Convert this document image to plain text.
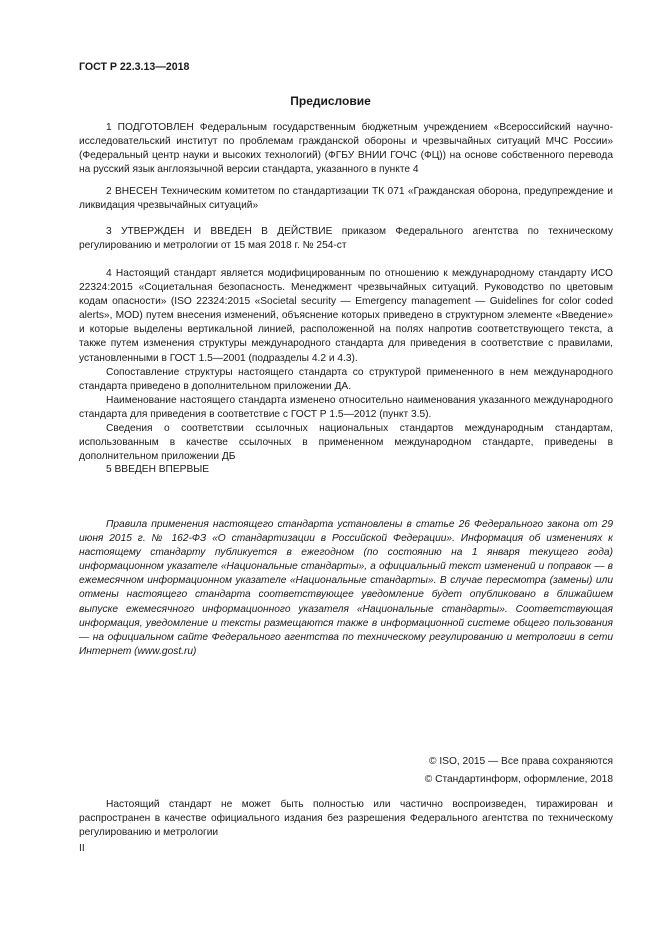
ГОСТ Р 22.3.13—2018
Предисловие

1 ПОДГОТОВЛЕН Федеральным государственным бюджетным учреждением «Всероссийский научно-исследовательский институт по проблемам гражданской обороны и чрезвычайных ситуаций МЧС России» (Федеральный центр науки и высоких технологий) (ФГБУ ВНИИ ГОЧС (ФЦ)) на основе собственного перевода на русский язык англоязычной версии стандарта, указанного в пункте 4

2 ВНЕСЕН Техническим комитетом по стандартизации ТК 071 «Гражданская оборона, предупреждение и ликвидация чрезвычайных ситуаций»

3 УТВЕРЖДЕН И ВВЕДЕН В ДЕЙСТВИЕ приказом Федерального агентства по техническому регулированию и метрологии от 15 мая 2018 г. № 254-ст

4 Настоящий стандарт является модифицированным по отношению к международному стандарту ИСО 22324:2015 «Социетальная безопасность. Менеджмент чрезвычайных ситуаций. Руководство по цветовым кодам опасности» (ISO 22324:2015 «Societal security — Emergency management — Guidelines for color coded alerts», MOD) путем внесения изменений, объяснение которых приведено в структурном элементе «Введение» и которые выделены вертикальной линией, расположенной на полях напротив соответствующего текста, а также путем изменения структуры международного стандарта для приведения в соответствие с правилами, установленными в ГОСТ 1.5—2001 (подразделы 4.2 и 4.3).

Сопоставление структуры настоящего стандарта со структурой примененного в нем международного стандарта приведено в дополнительном приложении ДА.

Наименование настоящего стандарта изменено относительно наименования указанного международного стандарта для приведения в соответствие с ГОСТ Р 1.5—2012 (пункт 3.5).

Сведения о соответствии ссылочных национальных стандартов международным стандартам, использованным в качестве ссылочных в примененном международном стандарте, приведены в дополнительном приложении ДБ

5 ВВЕДЕН ВПЕРВЫЕ

Правила применения настоящего стандарта установлены в статье 26 Федерального закона от 29 июня 2015 г. № 162-ФЗ «О стандартизации в Российской Федерации». Информация об изменениях к настоящему стандарту публикуется в ежегодном (по состоянию на 1 января текущего года) информационном указателе «Национальные стандарты», а официальный текст изменений и поправок — в ежемесячном информационном указателе «Национальные стандарты». В случае пересмотра (замены) или отмены настоящего стандарта соответствующее уведомление будет опубликовано в ближайшем выпуске ежемесячного информационного указателя «Национальные стандарты». Соответствующая информация, уведомление и тексты размещаются также в информационной системе общего пользования — на официальном сайте Федерального агентства по техническому регулированию и метрологии в сети Интернет (www.gost.ru)

© ISO, 2015 — Все права сохраняются
© Стандартинформ, оформление, 2018

Настоящий стандарт не может быть полностью или частично воспроизведен, тиражирован и распространен в качестве официального издания без разрешения Федерального агентства по техническому регулированию и метрологии

II
